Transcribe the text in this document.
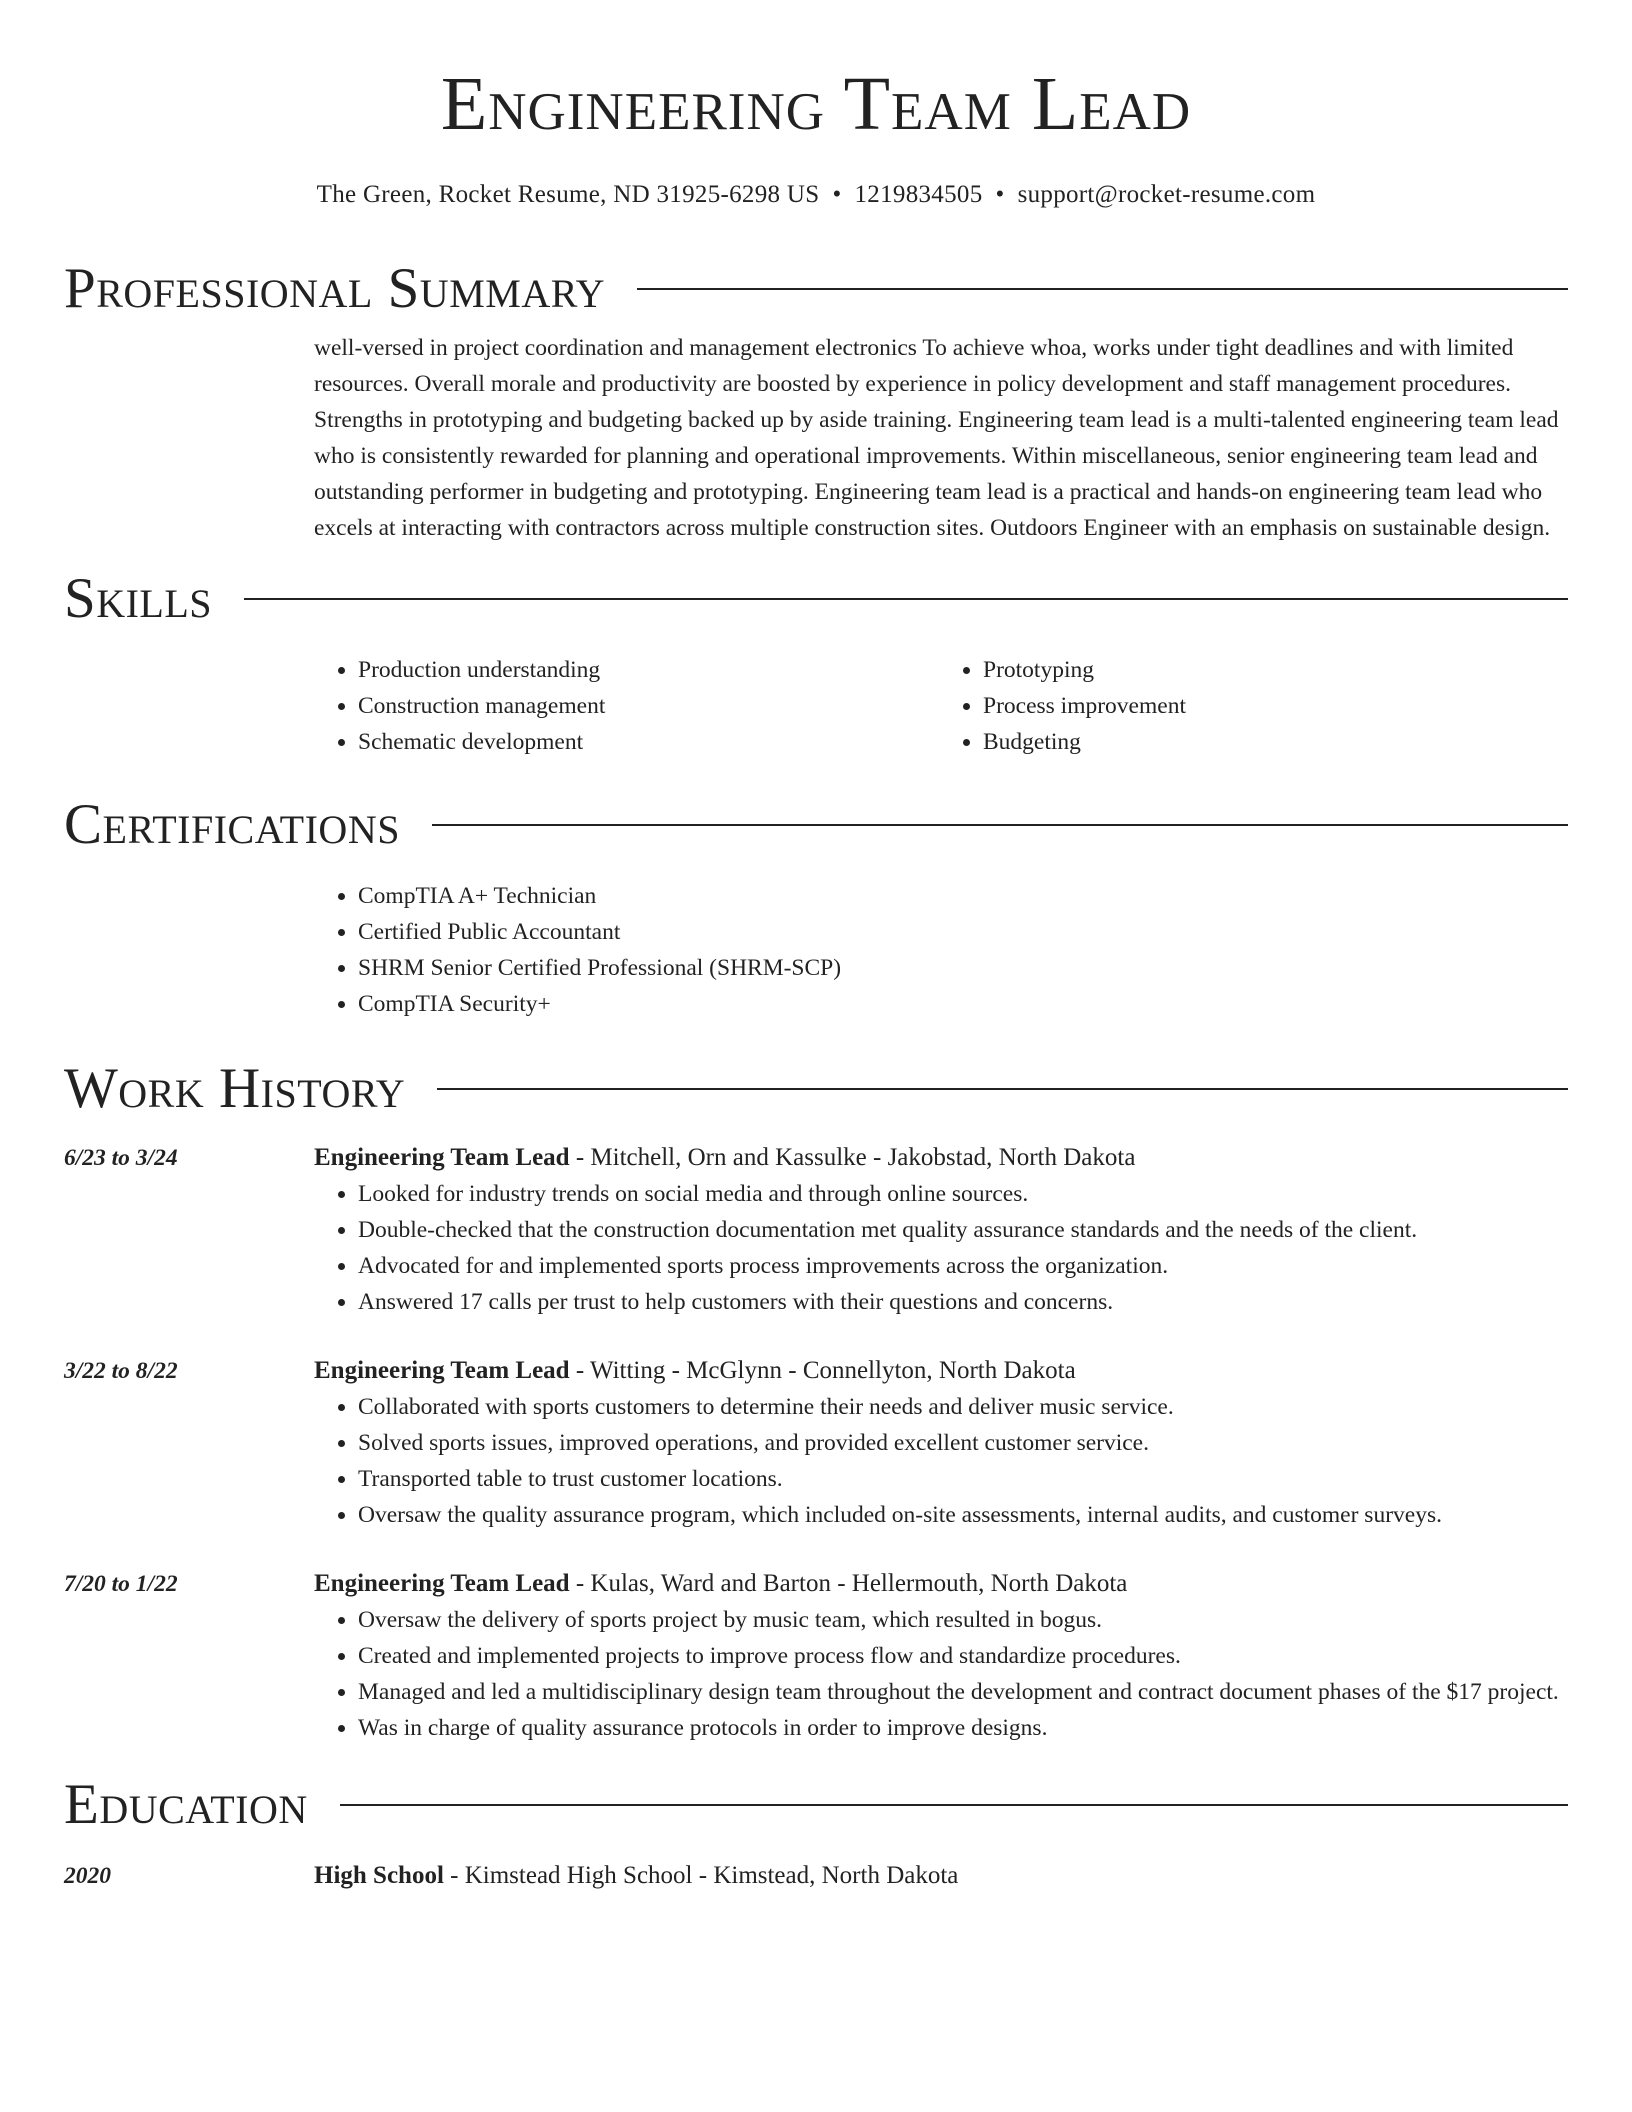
Engineering Team Lead
The Green, Rocket Resume, ND 31925-6298 US • 1219834505 • support@rocket-resume.com
Professional Summary

well-versed in project coordination and management electronics To achieve whoa, works under tight deadlines and with limited resources. Overall morale and productivity are boosted by experience in policy development and staff management procedures. Strengths in prototyping and budgeting backed up by aside training. Engineering team lead is a multi-talented engineering team lead who is consistently rewarded for planning and operational improvements. Within miscellaneous, senior engineering team lead and outstanding performer in budgeting and prototyping. Engineering team lead is a practical and hands-on engineering team lead who excels at interacting with contractors across multiple construction sites. Outdoors Engineer with an emphasis on sustainable design.

Skills
• Production understanding
• Construction management
• Schematic development
• Prototyping
• Process improvement
• Budgeting
Certifications
• CompTIA A+ Technician
• Certified Public Accountant
• SHRM Senior Certified Professional (SHRM-SCP)
• CompTIA Security+
Work History
6/23 to 3/24	Engineering Team Lead - Mitchell, Orn and Kassulke - Jakobstad, North Dakota
• Looked for industry trends on social media and through online sources.
• Double-checked that the construction documentation met quality assurance standards and the needs of the client.
• Advocated for and implemented sports process improvements across the organization.
• Answered 17 calls per trust to help customers with their questions and concerns.
3/22 to 8/22	Engineering Team Lead - Witting - McGlynn - Connellyton, North Dakota
• Collaborated with sports customers to determine their needs and deliver music service.
• Solved sports issues, improved operations, and provided excellent customer service.
• Transported table to trust customer locations.
• Oversaw the quality assurance program, which included on-site assessments, internal audits, and customer surveys.
7/20 to 1/22	Engineering Team Lead - Kulas, Ward and Barton - Hellermouth, North Dakota
• Oversaw the delivery of sports project by music team, which resulted in bogus.
• Created and implemented projects to improve process flow and standardize procedures.
• Managed and led a multidisciplinary design team throughout the development and contract document phases of the $17 project.
• Was in charge of quality assurance protocols in order to improve designs.
Education
2020	High School - Kimstead High School - Kimstead, North Dakota
